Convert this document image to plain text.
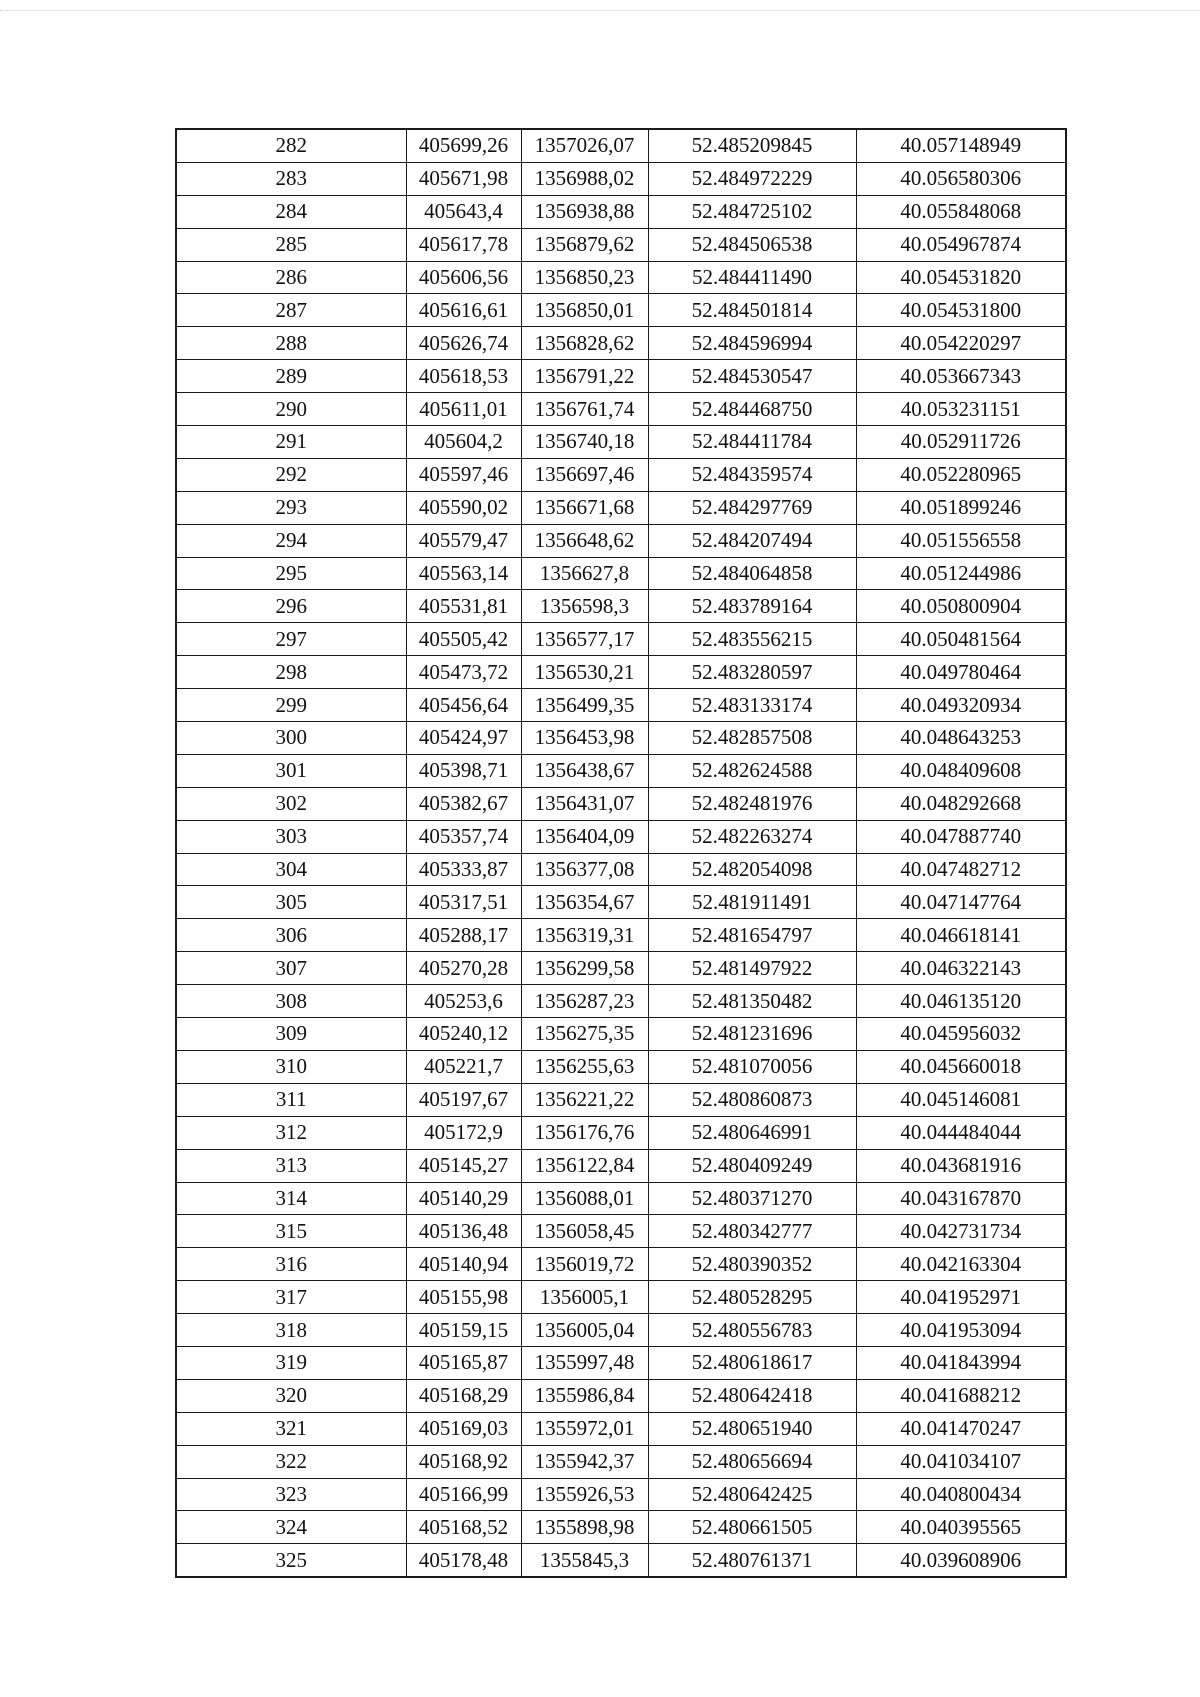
282	405699,26	1357026,07	52.485209845	40.057148949
283	405671,98	1356988,02	52.484972229	40.056580306
284	405643,4	1356938,88	52.484725102	40.055848068
285	405617,78	1356879,62	52.484506538	40.054967874
286	405606,56	1356850,23	52.484411490	40.054531820
287	405616,61	1356850,01	52.484501814	40.054531800
288	405626,74	1356828,62	52.484596994	40.054220297
289	405618,53	1356791,22	52.484530547	40.053667343
290	405611,01	1356761,74	52.484468750	40.053231151
291	405604,2	1356740,18	52.484411784	40.052911726
292	405597,46	1356697,46	52.484359574	40.052280965
293	405590,02	1356671,68	52.484297769	40.051899246
294	405579,47	1356648,62	52.484207494	40.051556558
295	405563,14	1356627,8	52.484064858	40.051244986
296	405531,81	1356598,3	52.483789164	40.050800904
297	405505,42	1356577,17	52.483556215	40.050481564
298	405473,72	1356530,21	52.483280597	40.049780464
299	405456,64	1356499,35	52.483133174	40.049320934
300	405424,97	1356453,98	52.482857508	40.048643253
301	405398,71	1356438,67	52.482624588	40.048409608
302	405382,67	1356431,07	52.482481976	40.048292668
303	405357,74	1356404,09	52.482263274	40.047887740
304	405333,87	1356377,08	52.482054098	40.047482712
305	405317,51	1356354,67	52.481911491	40.047147764
306	405288,17	1356319,31	52.481654797	40.046618141
307	405270,28	1356299,58	52.481497922	40.046322143
308	405253,6	1356287,23	52.481350482	40.046135120
309	405240,12	1356275,35	52.481231696	40.045956032
310	405221,7	1356255,63	52.481070056	40.045660018
311	405197,67	1356221,22	52.480860873	40.045146081
312	405172,9	1356176,76	52.480646991	40.044484044
313	405145,27	1356122,84	52.480409249	40.043681916
314	405140,29	1356088,01	52.480371270	40.043167870
315	405136,48	1356058,45	52.480342777	40.042731734
316	405140,94	1356019,72	52.480390352	40.042163304
317	405155,98	1356005,1	52.480528295	40.041952971
318	405159,15	1356005,04	52.480556783	40.041953094
319	405165,87	1355997,48	52.480618617	40.041843994
320	405168,29	1355986,84	52.480642418	40.041688212
321	405169,03	1355972,01	52.480651940	40.041470247
322	405168,92	1355942,37	52.480656694	40.041034107
323	405166,99	1355926,53	52.480642425	40.040800434
324	405168,52	1355898,98	52.480661505	40.040395565
325	405178,48	1355845,3	52.480761371	40.039608906
